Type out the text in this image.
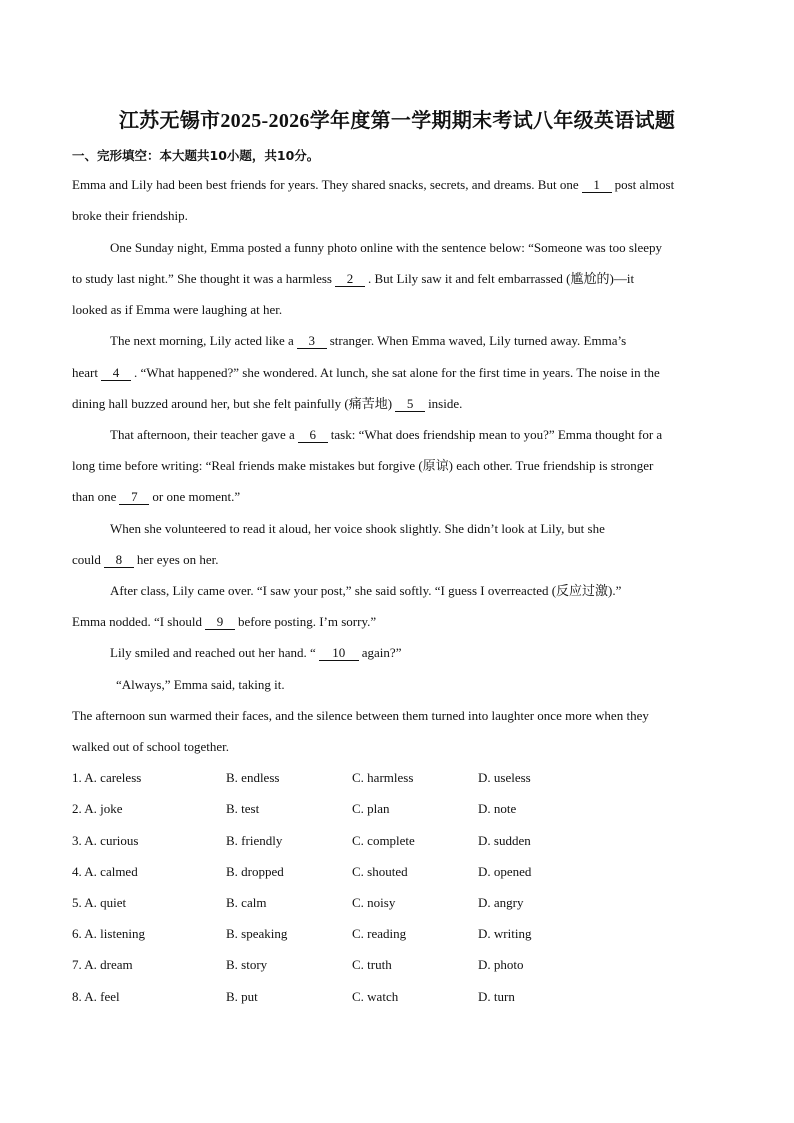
江苏无锡市2025-2026学年度第一学期期末考试八年级英语试题
一、完形填空：本大题共10小题，共10分。
Emma and Lily had been best friends for years. They shared snacks, secrets, and dreams. But one 1 post almost
broke their friendship.
One Sunday night, Emma posted a funny photo online with the sentence below: “Someone was too sleepy
to study last night.” She thought it was a harmless 2 . But Lily saw it and felt embarrassed (尴尬的)—it
looked as if Emma were laughing at her.
The next morning, Lily acted like a 3 stranger. When Emma waved, Lily turned away. Emma’s
heart 4 . “What happened?” she wondered. At lunch, she sat alone for the first time in years. The noise in the
dining hall buzzed around her, but she felt painfully (痛苦地) 5 inside.
That afternoon, their teacher gave a 6 task: “What does friendship mean to you?” Emma thought for a
long time before writing: “Real friends make mistakes but forgive (原谅) each other. True friendship is stronger
than one 7 or one moment.”
When she volunteered to read it aloud, her voice shook slightly. She didn’t look at Lily, but she
could 8 her eyes on her.
After class, Lily came over. “I saw your post,” she said softly. “I guess I overreacted (反应过激).”
Emma nodded. “I should 9 before posting. I’m sorry.”
Lily smiled and reached out her hand. “ 10 again?”
“Always,” Emma said, taking it.
The afternoon sun warmed their faces, and the silence between them turned into laughter once more when they
walked out of school together.
1. A. careless	B. endless	C. harmless	D. useless
2. A. joke	B. test	C. plan	D. note
3. A. curious	B. friendly	C. complete	D. sudden
4. A. calmed	B. dropped	C. shouted	D. opened
5. A. quiet	B. calm	C. noisy	D. angry
6. A. listening	B. speaking	C. reading	D. writing
7. A. dream	B. story	C. truth	D. photo
8. A. feel	B. put	C. watch	D. turn
